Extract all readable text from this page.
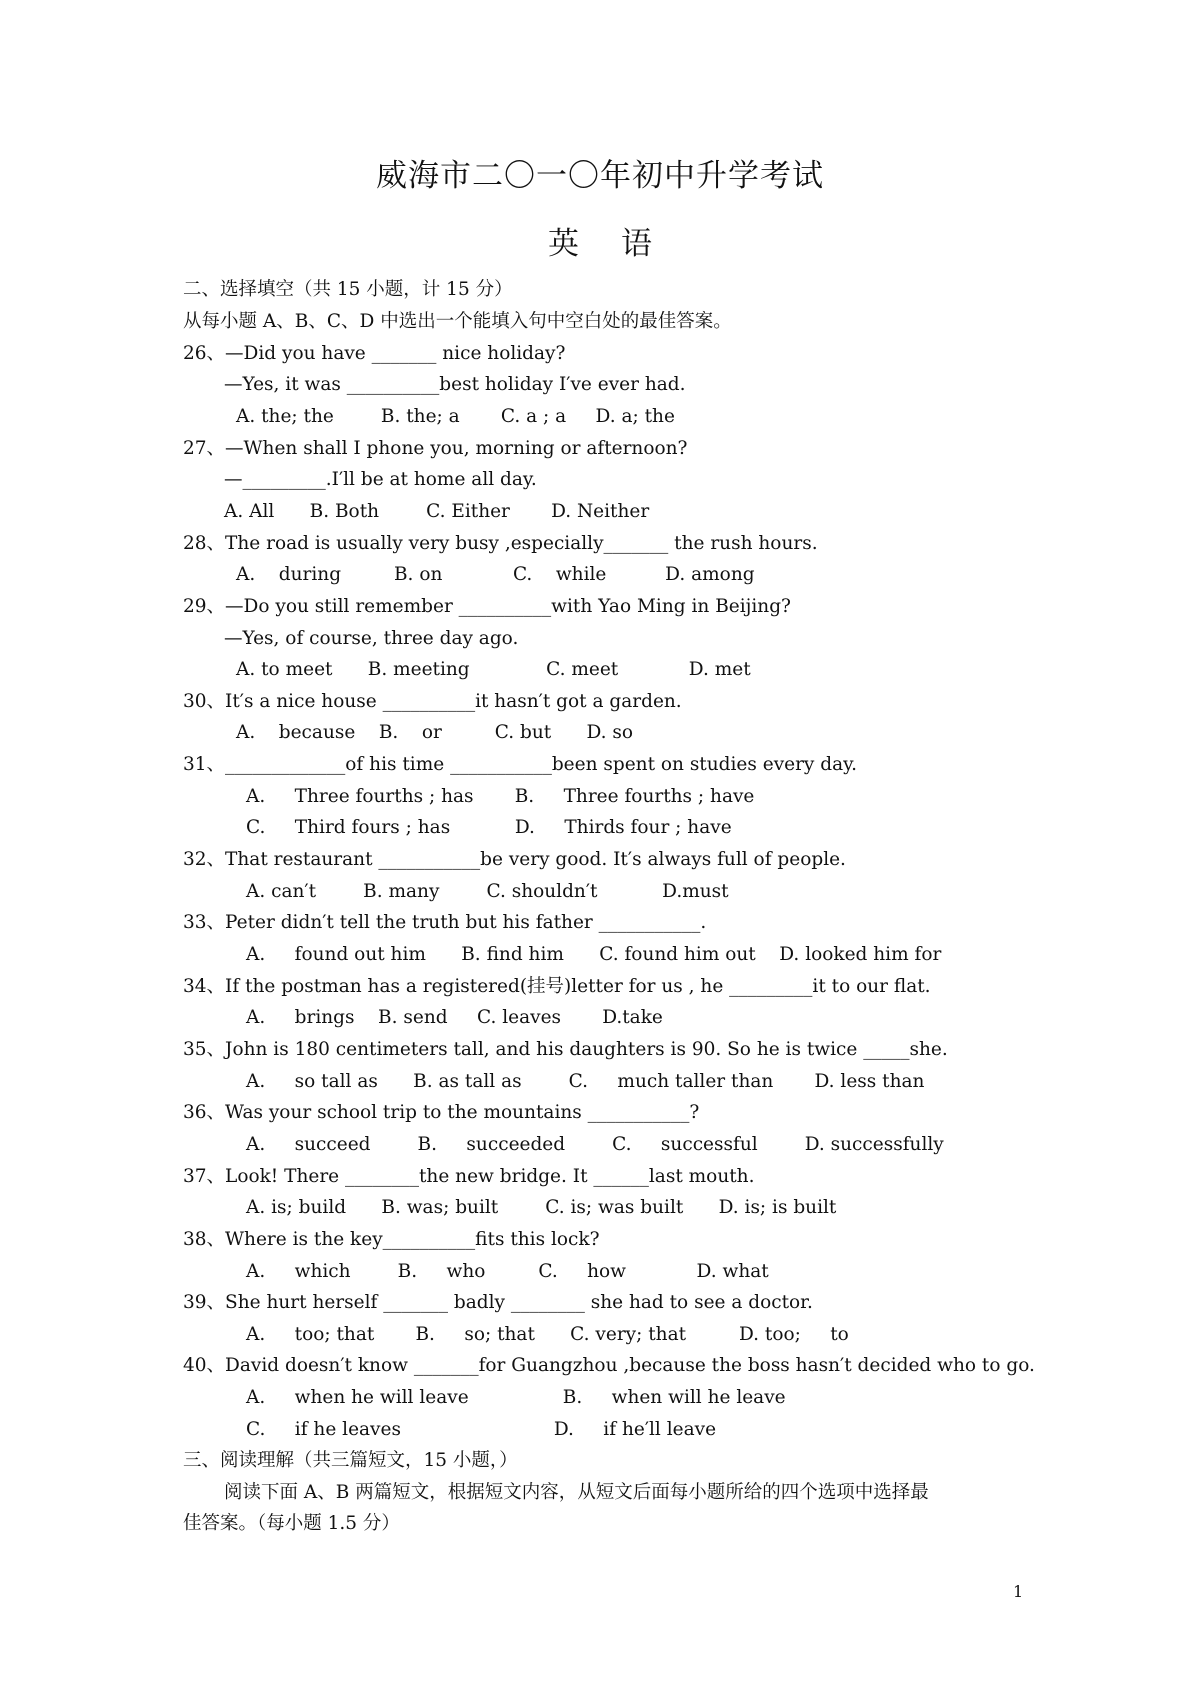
威海市二〇一〇年初中升学考试
英 语
二、选择填空（共 15 小题，计 15 分）
从每小题 A、B、C、D 中选出一个能填入句中空白处的最佳答案。
26、—Did you have _______ nice holiday?
—Yes, it was __________best holiday I′ve ever had.
A. the; the        B. the; a       C. a ; a     D. a; the
27、—When shall I phone you, morning or afternoon?
—_________.I′ll be at home all day.
A. All      B. Both        C. Either       D. Neither
28、The road is usually very busy ,especially_______ the rush hours.
A.    during         B. on            C.    while          D. among
29、—Do you still remember __________with Yao Ming in Beijing?
—Yes, of course, three day ago.
A. to meet      B. meeting             C. meet            D. met
30、It′s a nice house __________it hasn′t got a garden.
A.    because    B.    or         C. but      D. so
31、_____________of his time ___________been spent on studies every day.
A.     Three fourths ; has       B.     Three fourths ; have
C.     Third fours ; has           D.     Thirds four ; have
32、That restaurant ___________be very good. It′s always full of people.
A. can′t        B. many        C. shouldn′t           D.must
33、Peter didn′t tell the truth but his father ___________.
A.     found out him      B. find him      C. found him out    D. looked him for
34、If the postman has a registered(挂号)letter for us , he _________it to our flat.
A.     brings    B. send     C. leaves       D.take
35、John is 180 centimeters tall, and his daughters is 90. So he is twice _____she.
A.     so tall as      B. as tall as        C.     much taller than       D. less than
36、Was your school trip to the mountains ___________?
A.     succeed        B.     succeeded        C.     successful        D. successfully
37、Look! There ________the new bridge. It ______last mouth.
A. is; build      B. was; built        C. is; was built      D. is; is built
38、Where is the key__________fits this lock?
A.     which        B.     who         C.     how            D. what
39、She hurt herself _______ badly ________ she had to see a doctor.
A.     too; that       B.     so; that      C. very; that         D. too;     to
40、David doesn′t know _______for Guangzhou ,because the boss hasn′t decided who to go.
A.     when he will leave                B.     when will he leave
C.     if he leaves                          D.     if he′ll leave
三、阅读理解（共三篇短文，15 小题，）
阅读下面 A、B 两篇短文，根据短文内容，从短文后面每小题所给的四个选项中选择最
佳答案。（每小题 1.5 分）
1
